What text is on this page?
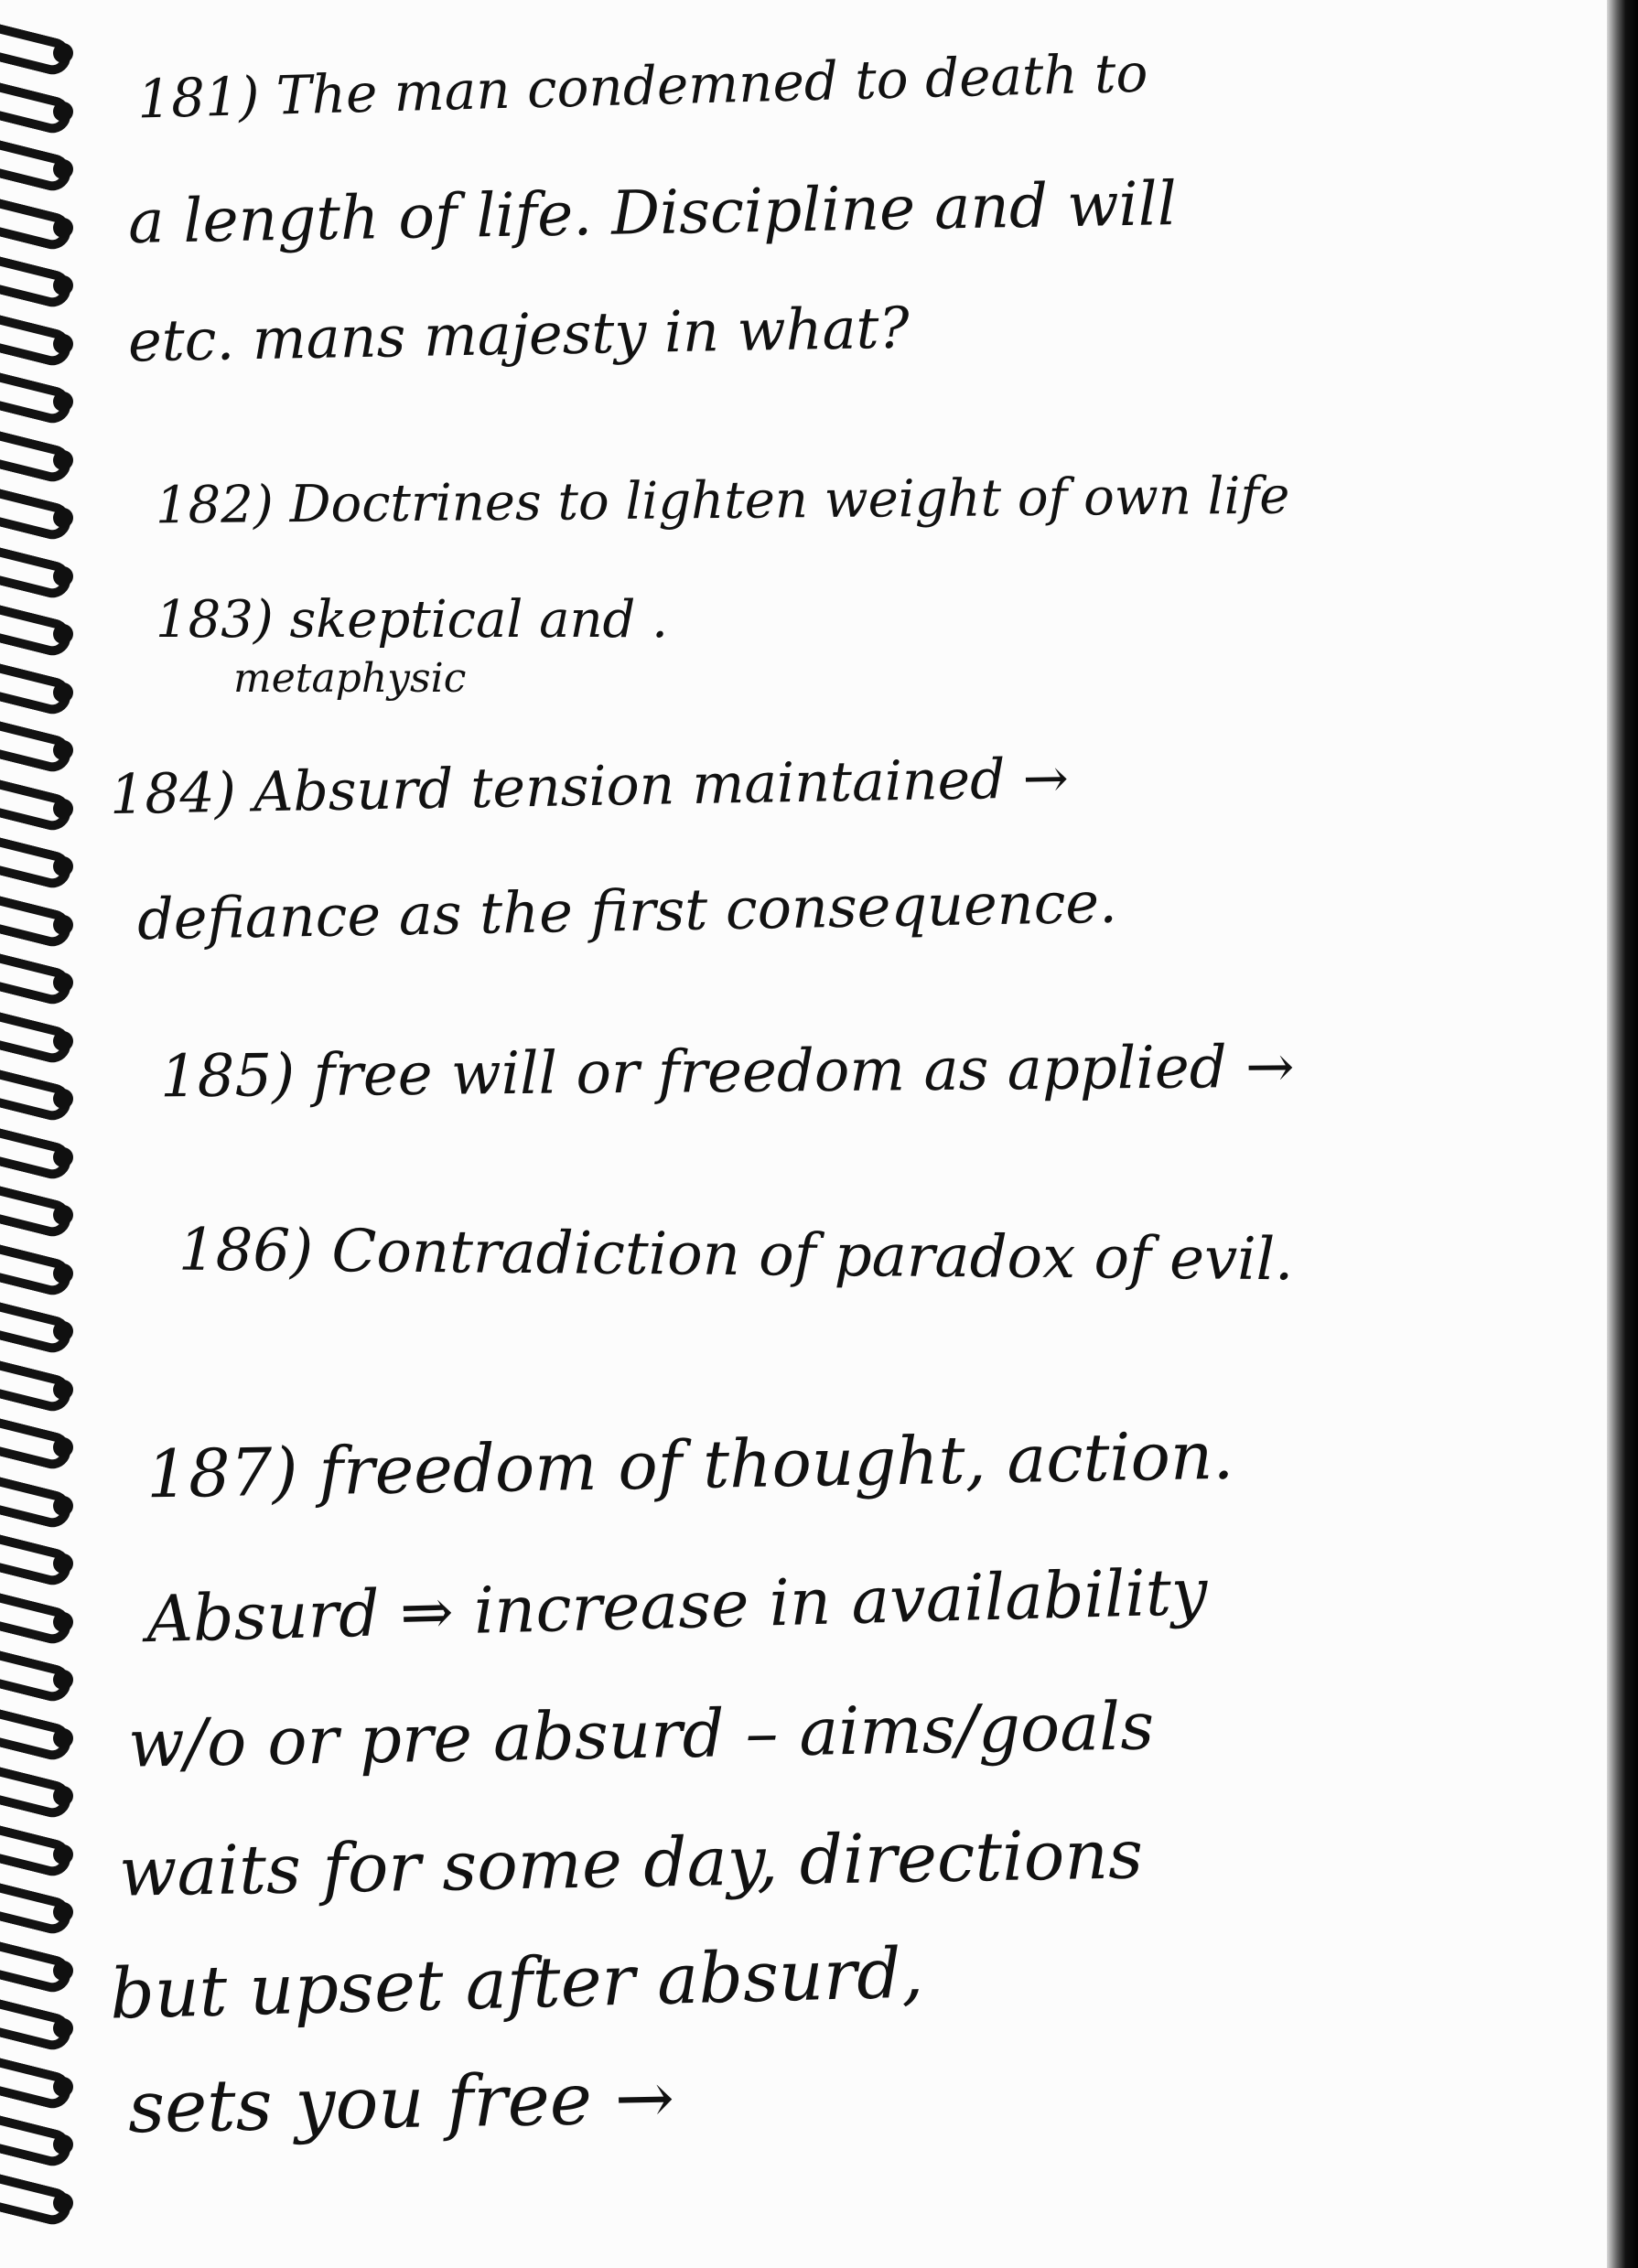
181) The man condemned to death to

a length of life. Discipline and will

etc. mans majesty in what?

182) Doctrines to lighten weight of own life

183) skeptical and .

metaphysic

184) Absurd tension maintained →

defiance as the first consequence.

185) free will or freedom as applied →

186) Contradiction of paradox of evil.

187) freedom of thought, action.

Absurd ⇒ increase in availability

w/o or pre absurd – aims/goals

waits for some day, directions

but upset after absurd,

sets you free →
